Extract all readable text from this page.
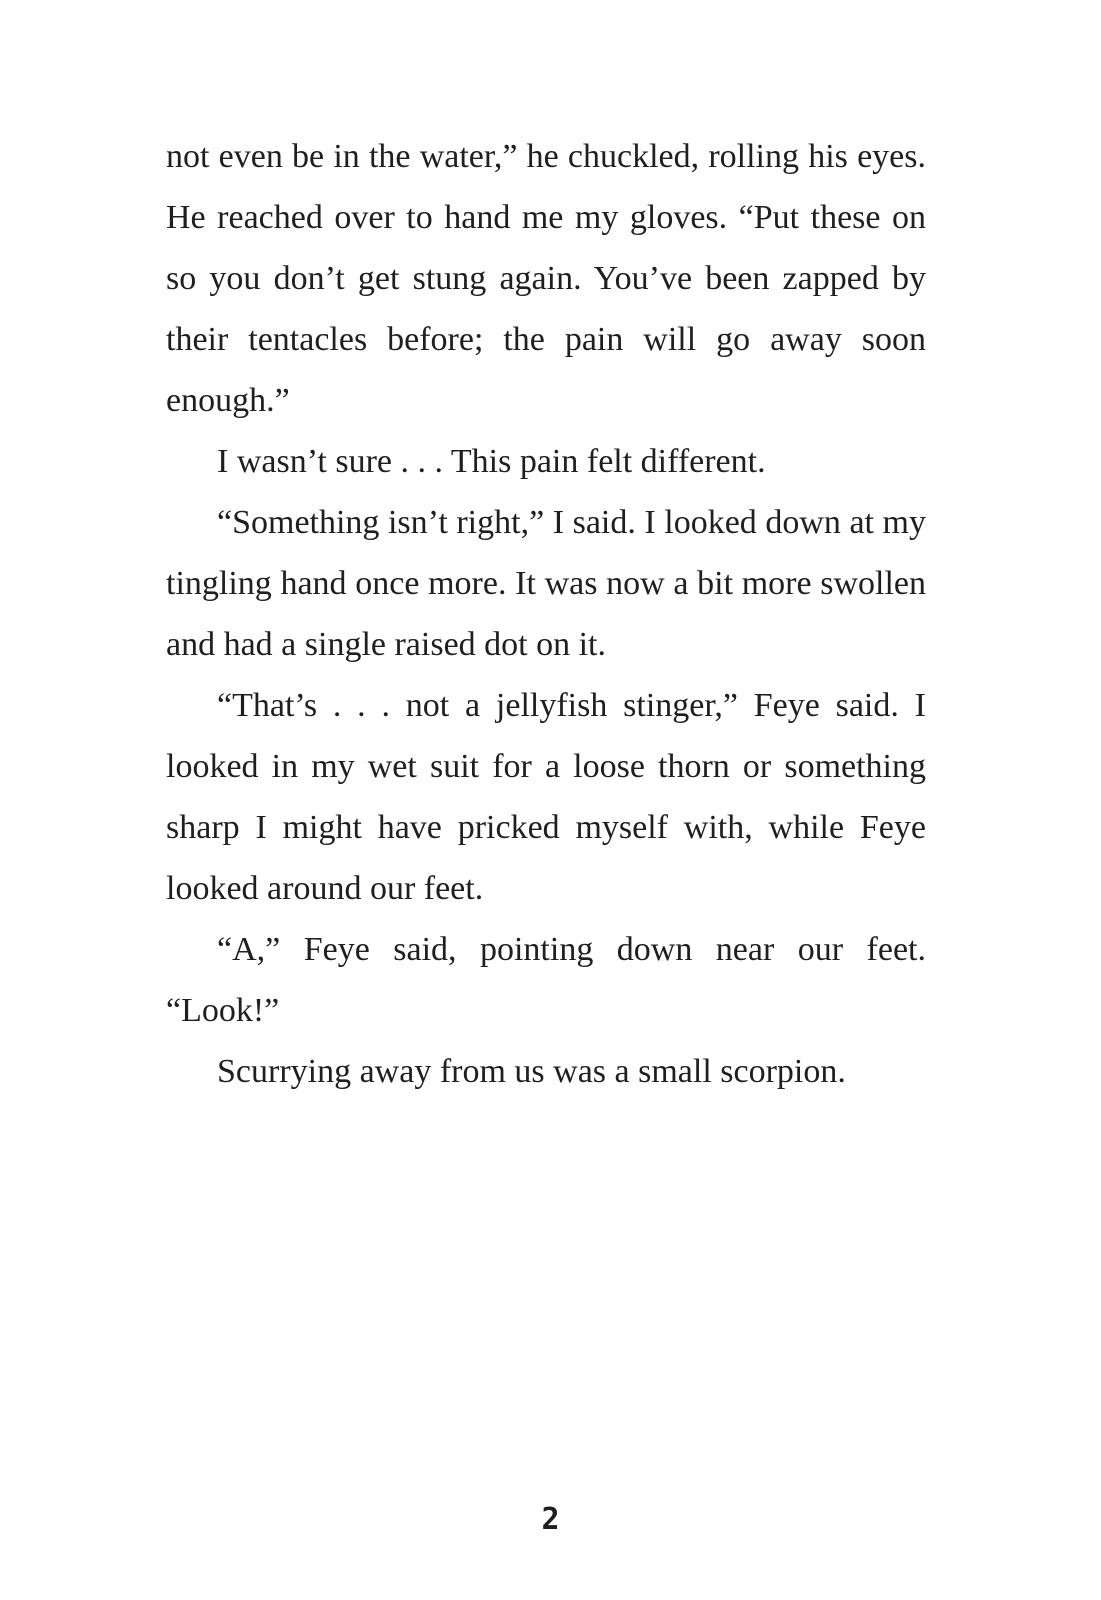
not even be in the water,” he chuckled, rolling his eyes. He reached over to hand me my gloves. “Put these on so you don’t get stung again. You’ve been zapped by their tentacles before; the pain will go away soon enough.”

I wasn’t sure . . . This pain felt different.

“Something isn’t right,” I said. I looked down at my tingling hand once more. It was now a bit more swollen and had a single raised dot on it.

“That’s . . . not a jellyfish stinger,” Feye said. I looked in my wet suit for a loose thorn or something sharp I might have pricked myself with, while Feye looked around our feet.

“A,” Feye said, pointing down near our feet. “Look!”

Scurrying away from us was a small scorpion.

2
